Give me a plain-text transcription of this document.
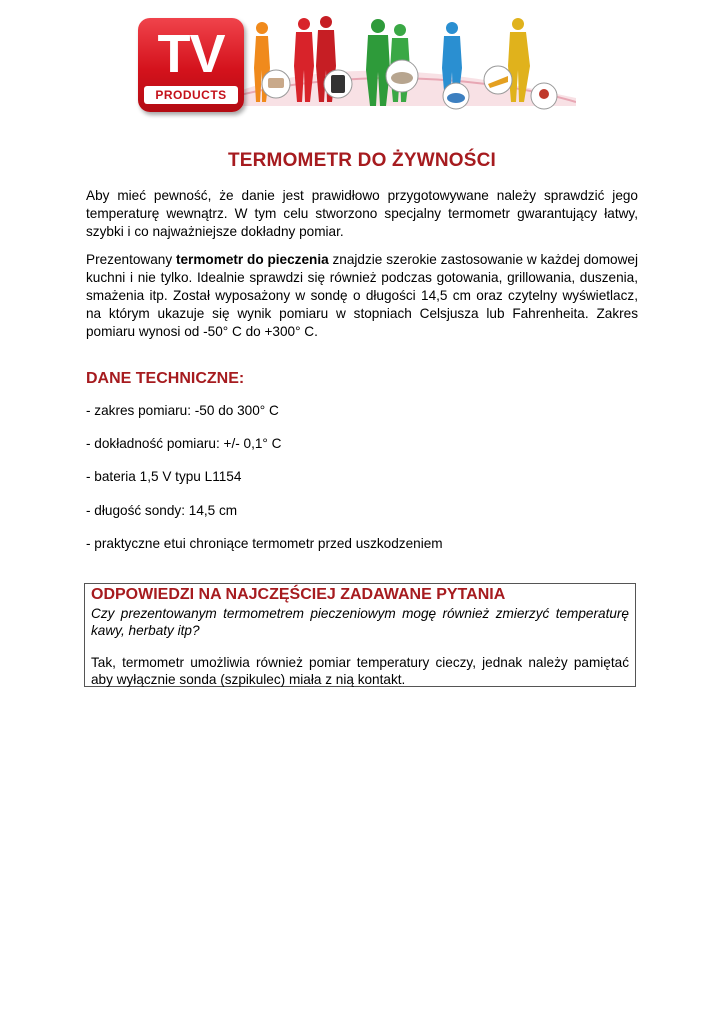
TV
PRODUCTS
TERMOMETR DO ŻYWNOŚCI

Aby mieć pewność, że danie jest prawidłowo przygotowywane należy sprawdzić jego temperaturę wewnątrz. W tym celu stworzono specjalny termometr gwarantujący łatwy, szybki i co najważniejsze dokładny pomiar.

Prezentowany termometr do pieczenia znajdzie szerokie zastosowanie w każdej domowej kuchni i nie tylko. Idealnie sprawdzi się również podczas gotowania, grillowania, duszenia, smażenia itp. Został wyposażony w sondę o długości 14,5 cm oraz czytelny wyświetlacz, na którym ukazuje się wynik pomiaru w stopniach Celsjusza lub Fahrenheita. Zakres pomiaru wynosi od -50° C do +300° C.

DANE TECHNICZNE:

- zakres pomiaru: -50 do 300° C

- dokładność pomiaru: +/- 0,1° C

- bateria 1,5 V typu L1154

- długość sondy: 14,5 cm

- praktyczne etui chroniące termometr przed uszkodzeniem

ODPOWIEDZI NA NAJCZĘŚCIEJ ZADAWANE PYTANIA

Czy prezentowanym termometrem pieczeniowym mogę również zmierzyć temperaturę kawy, herbaty itp?

Tak, termometr umożliwia również pomiar temperatury cieczy, jednak należy pamiętać aby wyłącznie sonda (szpikulec) miała z nią kontakt.
